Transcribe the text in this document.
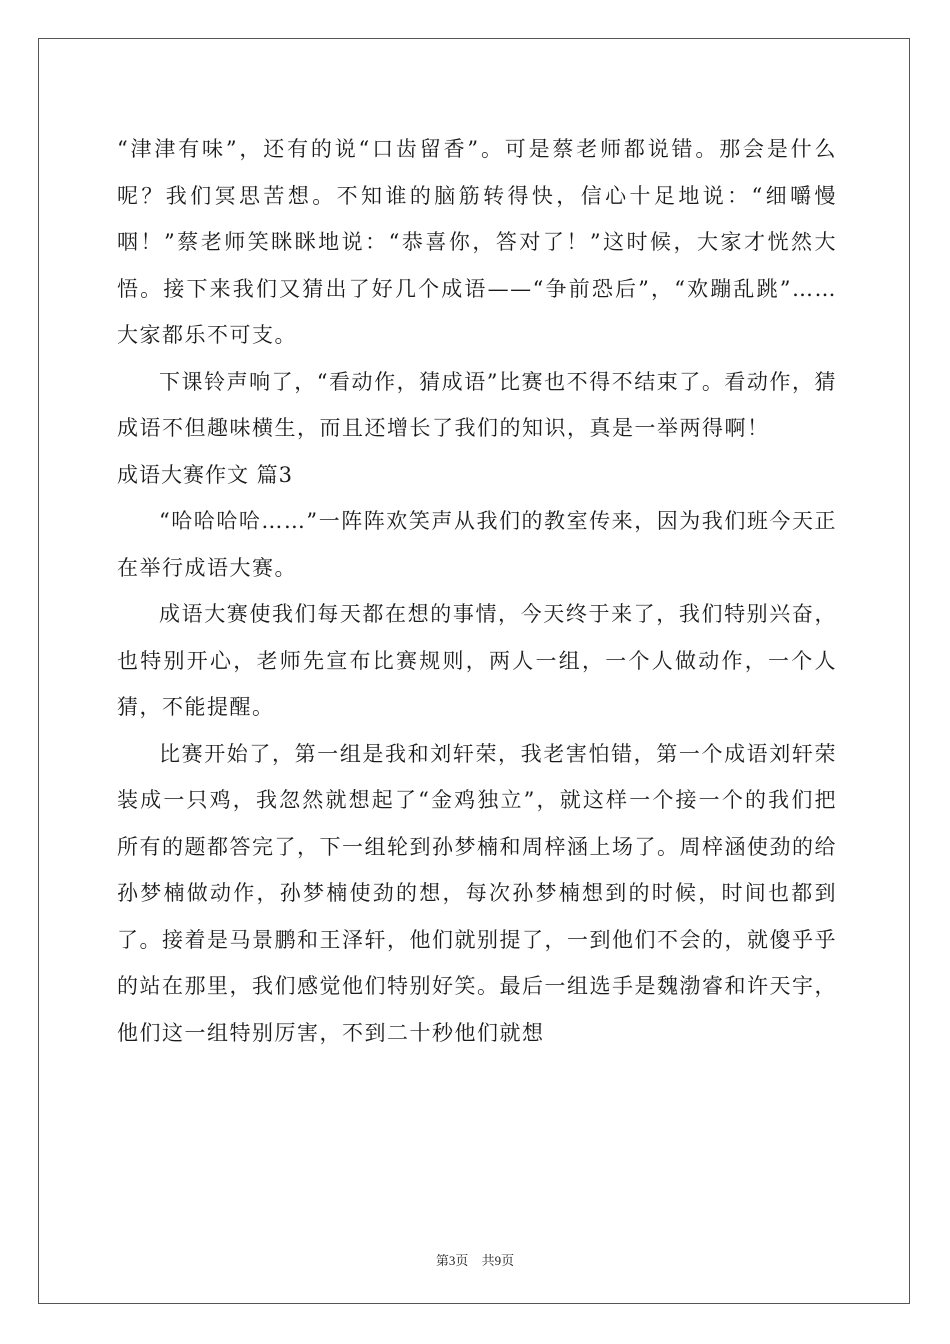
“津津有味”，还有的说“口齿留香”。可是蔡老师都说错。那会是什么呢？我们冥思苦想。不知谁的脑筋转得快，信心十足地说：“细嚼慢咽！”蔡老师笑眯眯地说：“恭喜你，答对了！”这时候，大家才恍然大悟。接下来我们又猜出了好几个成语——“争前恐后”，“欢蹦乱跳”……大家都乐不可支。

下课铃声响了，“看动作，猜成语”比赛也不得不结束了。看动作，猜成语不但趣味横生，而且还增长了我们的知识，真是一举两得啊！

成语大赛作文 篇3

“哈哈哈哈……”一阵阵欢笑声从我们的教室传来，因为我们班今天正在举行成语大赛。

成语大赛使我们每天都在想的事情，今天终于来了，我们特别兴奋，也特别开心，老师先宣布比赛规则，两人一组，一个人做动作，一个人猜，不能提醒。

比赛开始了，第一组是我和刘轩荣，我老害怕错，第一个成语刘轩荣装成一只鸡，我忽然就想起了“金鸡独立”，就这样一个接一个的我们把所有的题都答完了，下一组轮到孙梦楠和周梓涵上场了。周梓涵使劲的给孙梦楠做动作，孙梦楠使劲的想，每次孙梦楠想到的时候，时间也都到了。接着是马景鹏和王泽轩，他们就别提了，一到他们不会的，就傻乎乎的站在那里，我们感觉他们特别好笑。最后一组选手是魏渤睿和许天宇，他们这一组特别厉害，不到二十秒他们就想

第3页 共9页
